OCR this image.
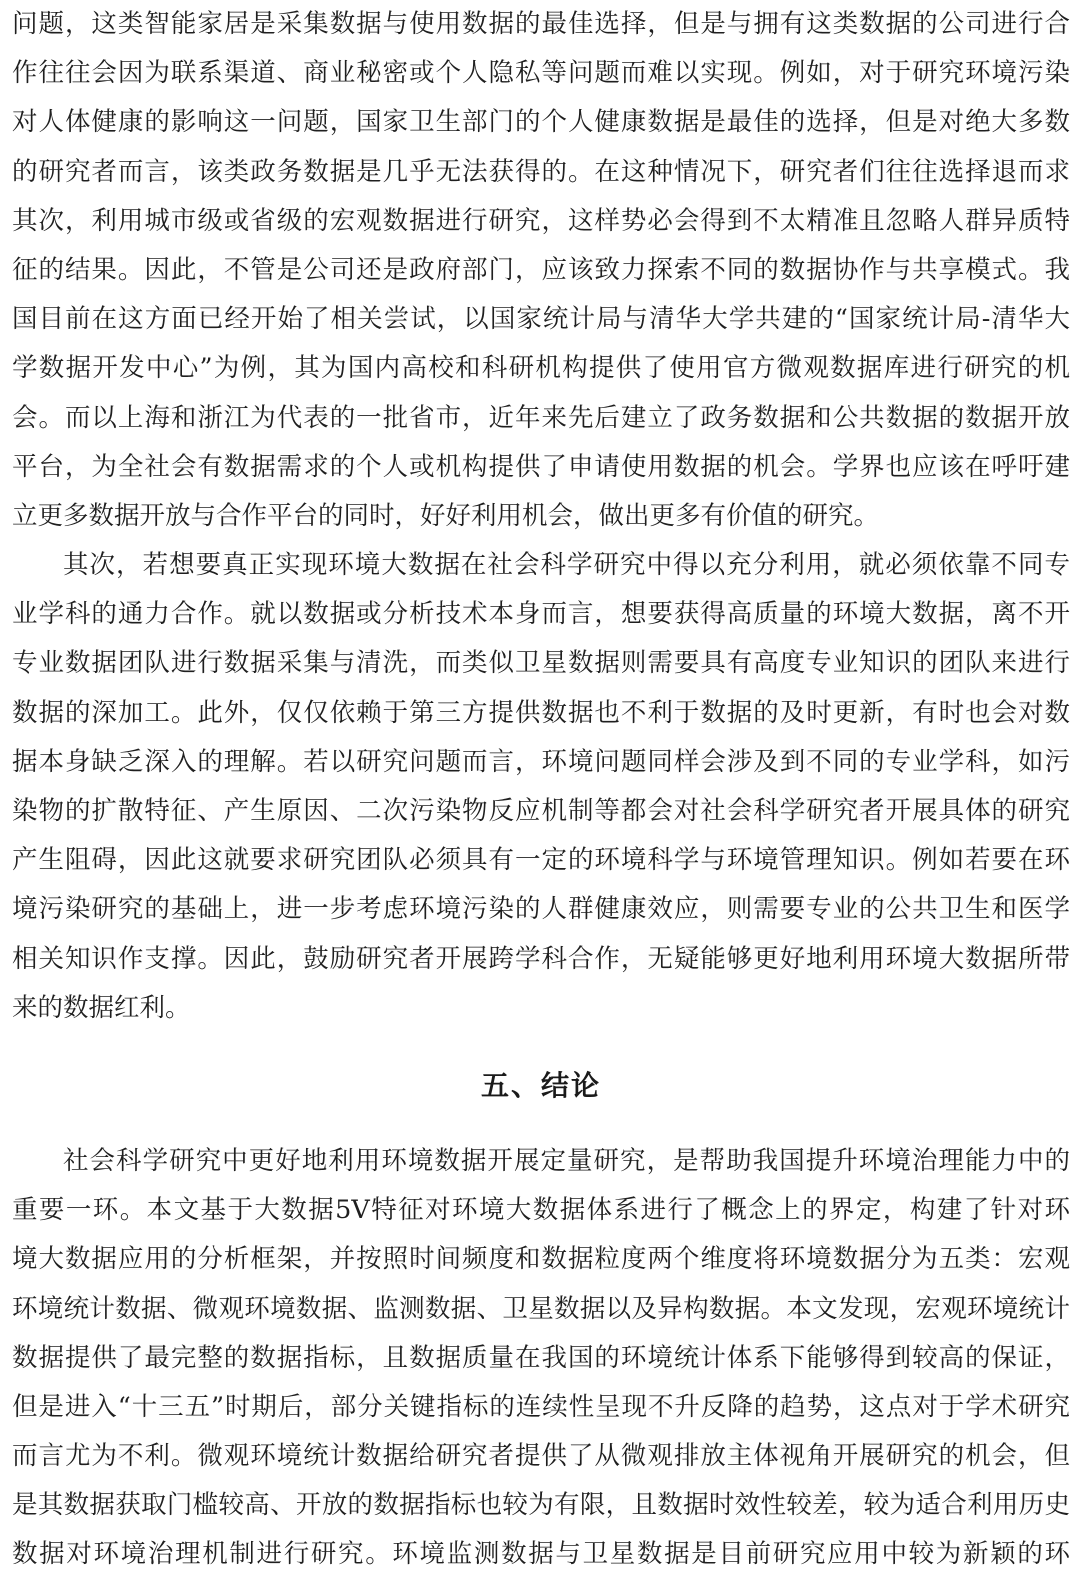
问题，这类智能家居是采集数据与使用数据的最佳选择，但是与拥有这类数据的公司进行合
作往往会因为联系渠道、商业秘密或个人隐私等问题而难以实现。例如，对于研究环境污染
对人体健康的影响这一问题，国家卫生部门的个人健康数据是最佳的选择，但是对绝大多数
的研究者而言，该类政务数据是几乎无法获得的。在这种情况下，研究者们往往选择退而求
其次，利用城市级或省级的宏观数据进行研究，这样势必会得到不太精准且忽略人群异质特
征的结果。因此，不管是公司还是政府部门，应该致力探索不同的数据协作与共享模式。我
国目前在这方面已经开始了相关尝试，以国家统计局与清华大学共建的“国家统计局-清华大
学数据开发中心”为例，其为国内高校和科研机构提供了使用官方微观数据库进行研究的机
会。而以上海和浙江为代表的一批省市，近年来先后建立了政务数据和公共数据的数据开放
平台，为全社会有数据需求的个人或机构提供了申请使用数据的机会。学界也应该在呼吁建
立更多数据开放与合作平台的同时，好好利用机会，做出更多有价值的研究。
其次，若想要真正实现环境大数据在社会科学研究中得以充分利用，就必须依靠不同专
业学科的通力合作。就以数据或分析技术本身而言，想要获得高质量的环境大数据，离不开
专业数据团队进行数据采集与清洗，而类似卫星数据则需要具有高度专业知识的团队来进行
数据的深加工。此外，仅仅依赖于第三方提供数据也不利于数据的及时更新，有时也会对数
据本身缺乏深入的理解。若以研究问题而言，环境问题同样会涉及到不同的专业学科，如污
染物的扩散特征、产生原因、二次污染物反应机制等都会对社会科学研究者开展具体的研究
产生阻碍，因此这就要求研究团队必须具有一定的环境科学与环境管理知识。例如若要在环
境污染研究的基础上，进一步考虑环境污染的人群健康效应，则需要专业的公共卫生和医学
相关知识作支撑。因此，鼓励研究者开展跨学科合作，无疑能够更好地利用环境大数据所带
来的数据红利。
五、结论
社会科学研究中更好地利用环境数据开展定量研究，是帮助我国提升环境治理能力中的
重要一环。本文基于大数据5V特征对环境大数据体系进行了概念上的界定，构建了针对环
境大数据应用的分析框架，并按照时间频度和数据粒度两个维度将环境数据分为五类：宏观
环境统计数据、微观环境数据、监测数据、卫星数据以及异构数据。本文发现，宏观环境统计
数据提供了最完整的数据指标，且数据质量在我国的环境统计体系下能够得到较高的保证，
但是进入“十三五”时期后，部分关键指标的连续性呈现不升反降的趋势，这点对于学术研究
而言尤为不利。微观环境统计数据给研究者提供了从微观排放主体视角开展研究的机会，但
是其数据获取门槛较高、开放的数据指标也较为有限，且数据时效性较差，较为适合利用历史
数据对环境治理机制进行研究。环境监测数据与卫星数据是目前研究应用中较为新颖的环
